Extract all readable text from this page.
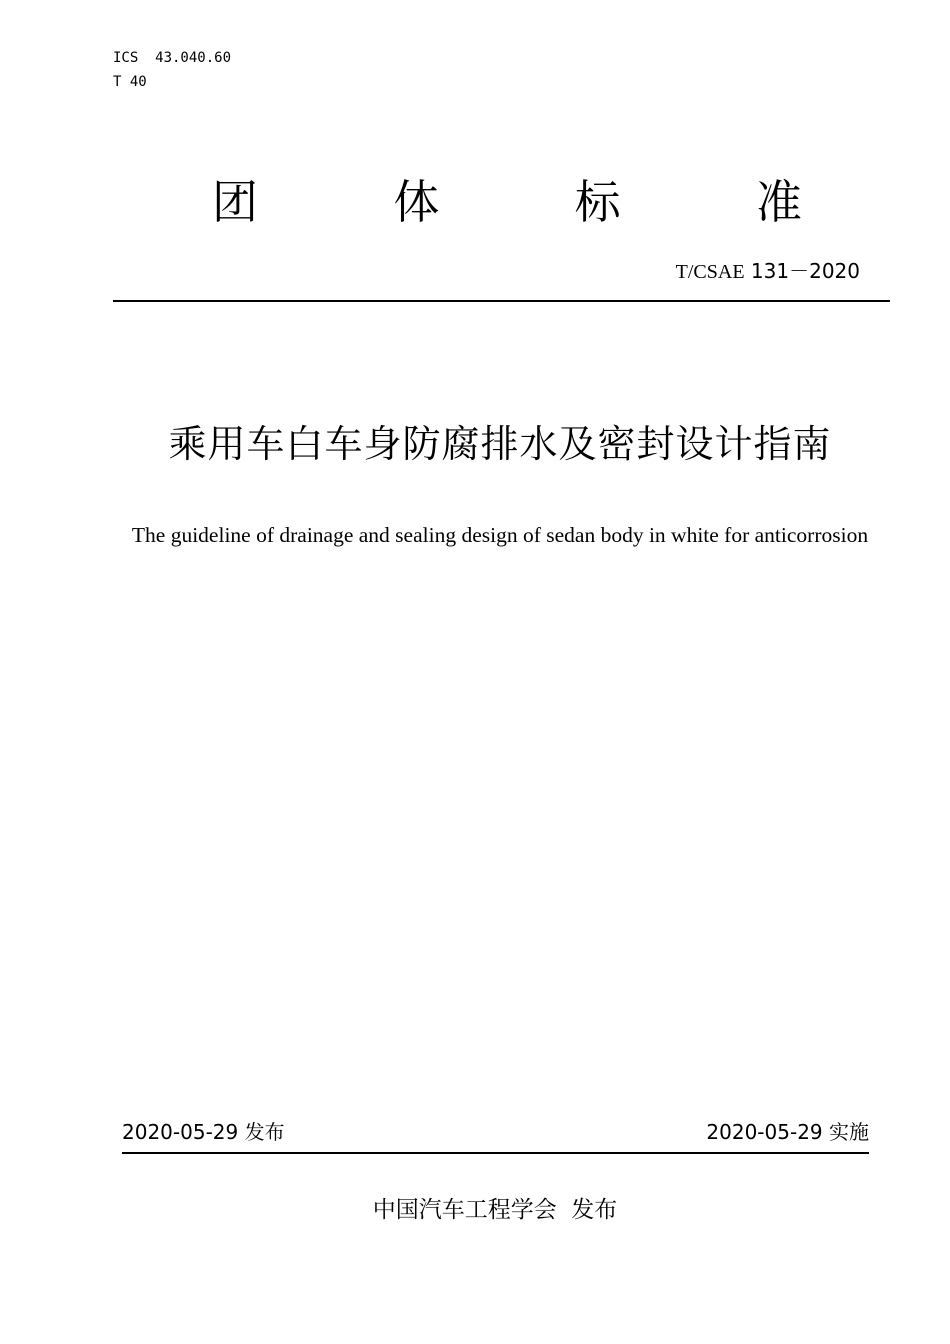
ICS  43.040.60
T 40
团	体	标	准
T/CSAE 131－2020
乘用车白车身防腐排水及密封设计指南
The guideline of drainage and sealing design of sedan body in white for anticorrosion
2020-05-29 发布	2020-05-29 实施
中国汽车工程学会  发布
